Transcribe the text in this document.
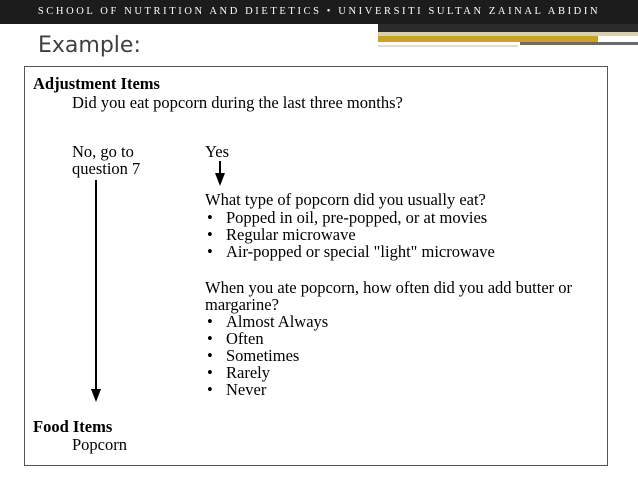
SCHOOL OF NUTRITION AND DIETETICS • UNIVERSITI SULTAN ZAINAL ABIDIN
Example:
Adjustment Items
Did you eat popcorn during the last three months?
No, go to
question 7
Yes
What type of popcorn did you usually eat?
• Popped in oil, pre-popped, or at movies
• Regular microwave
• Air-popped or special "light" microwave
When you ate popcorn, how often did you add butter or
margarine?
• Almost Always
• Often
• Sometimes
• Rarely
• Never
Food Items
Popcorn
